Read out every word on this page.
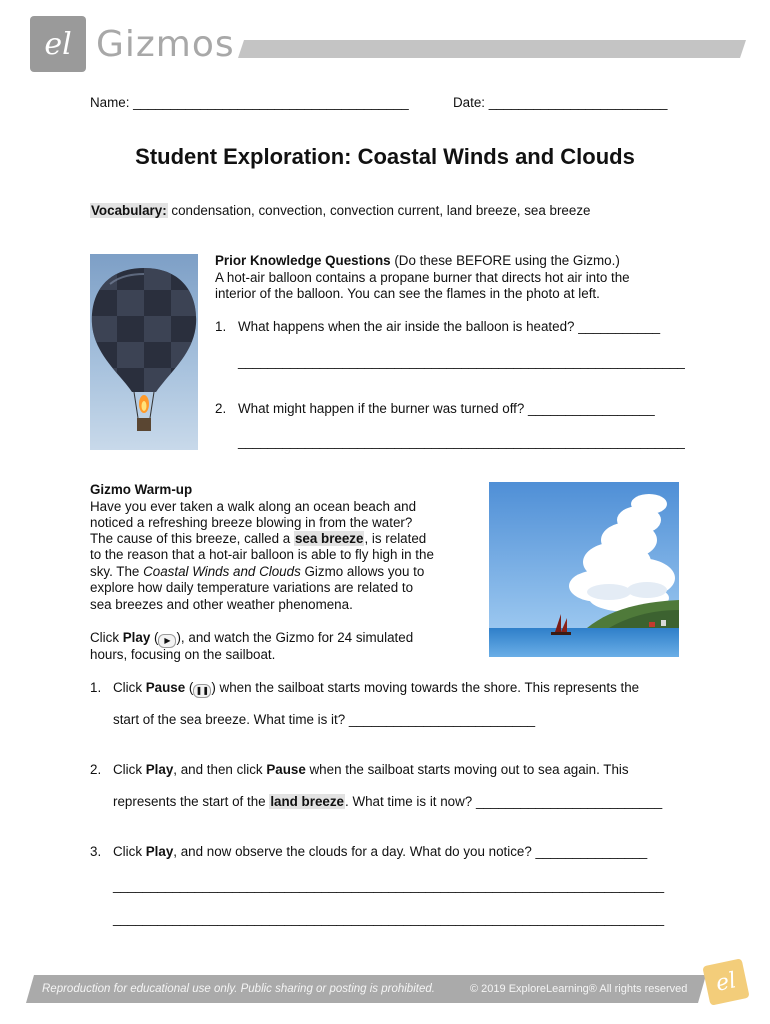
el Gizmos
Name: _____________________________________	Date: ________________________
Student Exploration: Coastal Winds and Clouds
Vocabulary: condensation, convection, convection current, land breeze, sea breeze
Prior Knowledge Questions (Do these BEFORE using the Gizmo.)
A hot-air balloon contains a propane burner that directs hot air into the
interior of the balloon. You can see the flames in the photo at left.
1. What happens when the air inside the balloon is heated? ___________
____________________________________________________________
2. What might happen if the burner was turned off? _________________
____________________________________________________________
Gizmo Warm-up
Have you ever taken a walk along an ocean beach and
noticed a refreshing breeze blowing in from the water?
The cause of this breeze, called a sea breeze, is related
to the reason that a hot-air balloon is able to fly high in the
sky. The Coastal Winds and Clouds Gizmo allows you to
explore how daily temperature variations are related to
sea breezes and other weather phenomena.
Click Play ( ▶ ), and watch the Gizmo for 24 simulated
hours, focusing on the sailboat.
1. Click Pause ( ❚❚ ) when the sailboat starts moving towards the shore. This represents the
start of the sea breeze. What time is it? _________________________
2. Click Play, and then click Pause when the sailboat starts moving out to sea again. This
represents the start of the land breeze. What time is it now? _________________________
3. Click Play, and now observe the clouds for a day. What do you notice? _______________
__________________________________________________________________________
__________________________________________________________________________
Reproduction for educational use only. Public sharing or posting is prohibited.	© 2019 ExploreLearning® All rights reserved el
